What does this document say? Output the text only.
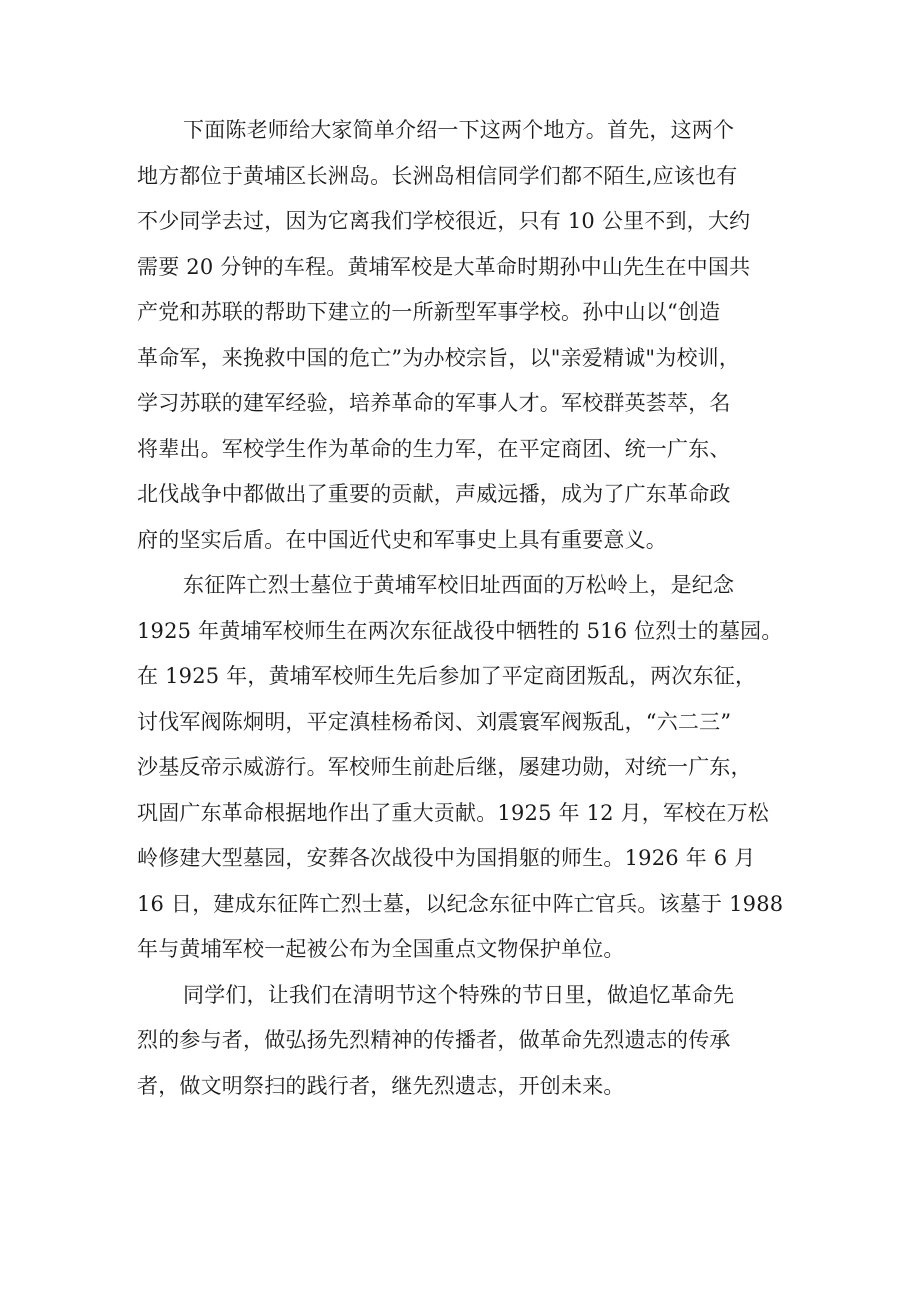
下面陈老师给大家简单介绍一下这两个地方。首先，这两个
地方都位于黄埔区长洲岛。长洲岛相信同学们都不陌生,应该也有
不少同学去过，因为它离我们学校很近，只有 10 公里不到，大约
需要 20 分钟的车程。黄埔军校是大革命时期孙中山先生在中国共
产党和苏联的帮助下建立的一所新型军事学校。孙中山以“创造
革命军，来挽救中国的危亡”为办校宗旨，以"亲爱精诚"为校训，
学习苏联的建军经验，培养革命的军事人才。军校群英荟萃，名
将辈出。军校学生作为革命的生力军，在平定商团、统一广东、
北伐战争中都做出了重要的贡献，声威远播，成为了广东革命政
府的坚实后盾。在中国近代史和军事史上具有重要意义。
东征阵亡烈士墓位于黄埔军校旧址西面的万松岭上，是纪念
1925 年黄埔军校师生在两次东征战役中牺牲的 516 位烈士的墓园。
在 1925 年，黄埔军校师生先后参加了平定商团叛乱，两次东征，
讨伐军阀陈炯明，平定滇桂杨希闵、刘震寰军阀叛乱，“六二三”
沙基反帝示威游行。军校师生前赴后继，屡建功勋，对统一广东，
巩固广东革命根据地作出了重大贡献。1925 年 12 月，军校在万松
岭修建大型墓园，安葬各次战役中为国捐躯的师生。1926 年 6 月
16 日，建成东征阵亡烈士墓，以纪念东征中阵亡官兵。该墓于 1988
年与黄埔军校一起被公布为全国重点文物保护单位。
同学们，让我们在清明节这个特殊的节日里，做追忆革命先
烈的参与者，做弘扬先烈精神的传播者，做革命先烈遗志的传承
者，做文明祭扫的践行者，继先烈遗志，开创未来。
